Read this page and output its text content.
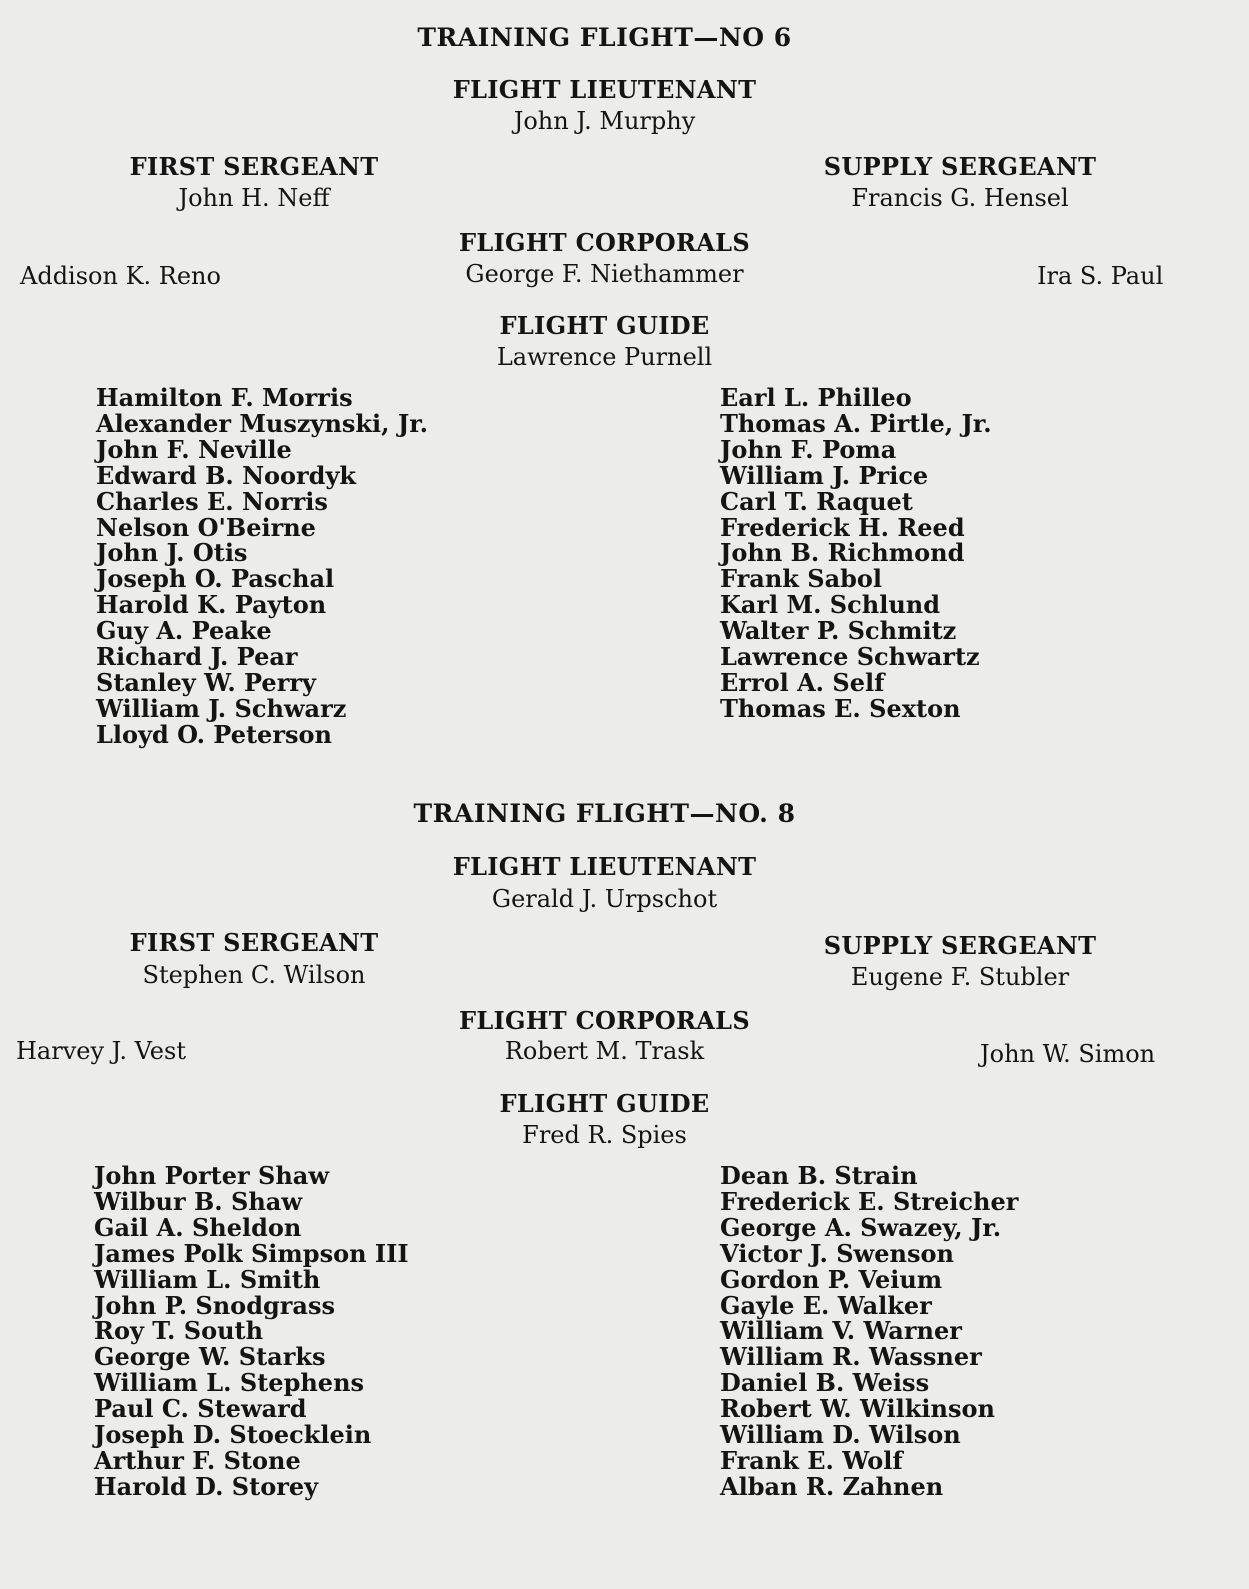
TRAINING FLIGHT—NO 6
FLIGHT LIEUTENANT
John J. Murphy
FIRST SERGEANT
John H. Neff
SUPPLY SERGEANT
Francis G. Hensel
FLIGHT CORPORALS
Addison K. Reno	George F. Niethammer	Ira S. Paul
FLIGHT GUIDE
Lawrence Purnell
Hamilton F. Morris
Alexander Muszynski, Jr.
John F. Neville
Edward B. Noordyk
Charles E. Norris
Nelson O'Beirne
John J. Otis
Joseph O. Paschal
Harold K. Payton
Guy A. Peake
Richard J. Pear
Stanley W. Perry
William J. Schwarz
Lloyd O. Peterson
Earl L. Philleo
Thomas A. Pirtle, Jr.
John F. Poma
William J. Price
Carl T. Raquet
Frederick H. Reed
John B. Richmond
Frank Sabol
Karl M. Schlund
Walter P. Schmitz
Lawrence Schwartz
Errol A. Self
Thomas E. Sexton
TRAINING FLIGHT—NO. 8
FLIGHT LIEUTENANT
Gerald J. Urpschot
FIRST SERGEANT
Stephen C. Wilson
SUPPLY SERGEANT
Eugene F. Stubler
FLIGHT CORPORALS
Harvey J. Vest	Robert M. Trask	John W. Simon
FLIGHT GUIDE
Fred R. Spies
John Porter Shaw
Wilbur B. Shaw
Gail A. Sheldon
James Polk Simpson III
William L. Smith
John P. Snodgrass
Roy T. South
George W. Starks
William L. Stephens
Paul C. Steward
Joseph D. Stoecklein
Arthur F. Stone
Harold D. Storey
Dean B. Strain
Frederick E. Streicher
George A. Swazey, Jr.
Victor J. Swenson
Gordon P. Veium
Gayle E. Walker
William V. Warner
William R. Wassner
Daniel B. Weiss
Robert W. Wilkinson
William D. Wilson
Frank E. Wolf
Alban R. Zahnen
